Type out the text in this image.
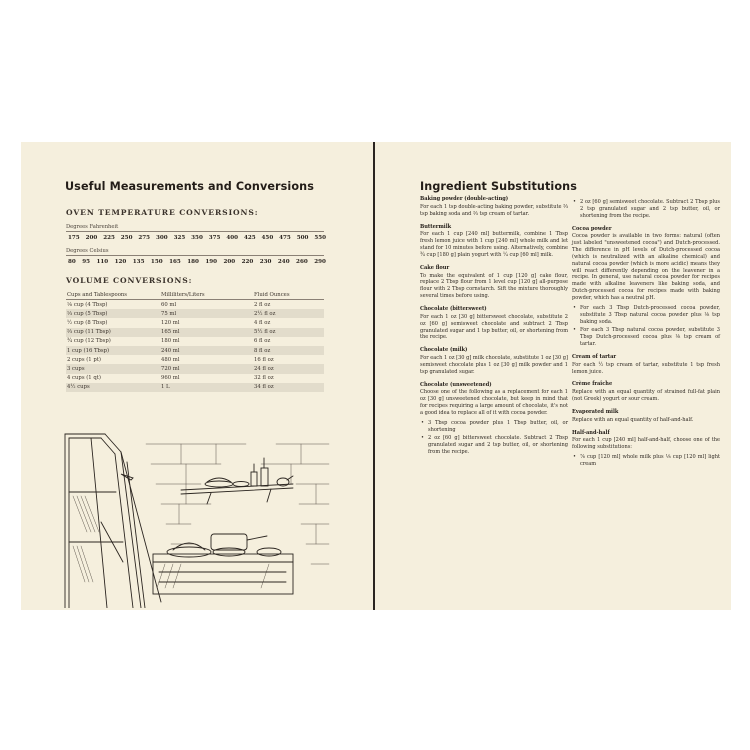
Useful Measurements and Conversions
OVEN TEMPERATURE CONVERSIONS:
Degrees Fahrenheit
175 200 225 250 275 300 325 350 375 400 425 450 475 500 550
Degrees Celsius
80 95 110 120 135 150 165 180 190 200 220 230 240 260 290
VOLUME CONVERSIONS:
Cups and Tablespoons	Milliliters/Liters	Fluid Ounces
⅛ cup (4 Tbsp)	60 ml	2 fl oz
⅓ cup (5 Tbsp)	75 ml	2½ fl oz
½ cup (8 Tbsp)	120 ml	4 fl oz
⅔ cup (11 Tbsp)	165 ml	5½ fl oz
¾ cup (12 Tbsp)	180 ml	6 fl oz
1 cup (16 Tbsp)	240 ml	8 fl oz
2 cups (1 pt)	480 ml	16 fl oz
3 cups	720 ml	24 fl oz
4 cups (1 qt)	960 ml	32 fl oz
4½ cups	1 L	34 fl oz
Ingredient Substitutions
Baking powder (double-acting)
For each 1 tsp double-acting baking powder, substitute ⅔ tsp baking soda and ⅔ tsp cream of tartar.
Buttermilk
For each 1 cup [240 ml] buttermilk, combine 1 Tbsp fresh lemon juice with 1 cup [240 ml] whole milk and let stand for 10 minutes before using. Alternatively, combine ¾ cup [180 g] plain yogurt with ¼ cup [60 ml] milk.
Cake flour
To make the equivalent of 1 cup [120 g] cake flour, replace 2 Tbsp flour from 1 level cup [120 g] all-purpose flour with 2 Tbsp cornstarch. Sift the mixture thoroughly several times before using.
Chocolate (bittersweet)
For each 1 oz [30 g] bittersweet chocolate, substitute 2 oz [60 g] semisweet chocolate and subtract 2 Tbsp granulated sugar and 1 tsp butter, oil, or shortening from the recipe.
Chocolate (milk)
For each 1 oz [30 g] milk chocolate, substitute 1 oz [30 g] semisweet chocolate plus 1 oz [30 g] milk powder and 1 tsp granulated sugar.
Chocolate (unsweetened)
Choose one of the following as a replacement for each 1 oz [30 g] unsweetened chocolate, but keep in mind that for recipes requiring a large amount of chocolate, it's not a good idea to replace all of it with cocoa powder.
• 3 Tbsp cocoa powder plus 1 Tbsp butter, oil, or shortening
• 2 oz [60 g] bittersweet chocolate. Subtract 2 Tbsp granulated sugar and 2 tsp butter, oil, or shortening from the recipe.
• 2 oz [60 g] semisweet chocolate. Subtract 2 Tbsp plus 2 tsp granulated sugar and 2 tsp butter, oil, or shortening from the recipe.
Cocoa powder
Cocoa powder is available in two forms: natural (often just labeled "unsweetened cocoa") and Dutch-processed. The difference in pH levels of Dutch-processed cocoa (which is neutralized with an alkaline chemical) and natural cocoa powder (which is more acidic) means they will react differently depending on the leavener in a recipe. In general, use natural cocoa powder for recipes made with alkaline leaveners like baking soda, and Dutch-processed cocoa for recipes made with baking powder, which has a neutral pH.
• For each 3 Tbsp Dutch-processed cocoa powder, substitute 3 Tbsp natural cocoa powder plus ⅛ tsp baking soda.
• For each 3 Tbsp natural cocoa powder, substitute 3 Tbsp Dutch-processed cocoa plus ⅛ tsp cream of tartar.
Cream of tartar
For each ½ tsp cream of tartar, substitute 1 tsp fresh lemon juice.
Crème fraîche
Replace with an equal quantity of strained full-fat plain (not Greek) yogurt or sour cream.
Evaporated milk
Replace with an equal quantity of half-and-half.
Half-and-half
For each 1 cup [240 ml] half-and-half, choose one of the following substitutions:
• ⅞ cup [120 ml] whole milk plus ⅛ cup [120 ml] light cream
